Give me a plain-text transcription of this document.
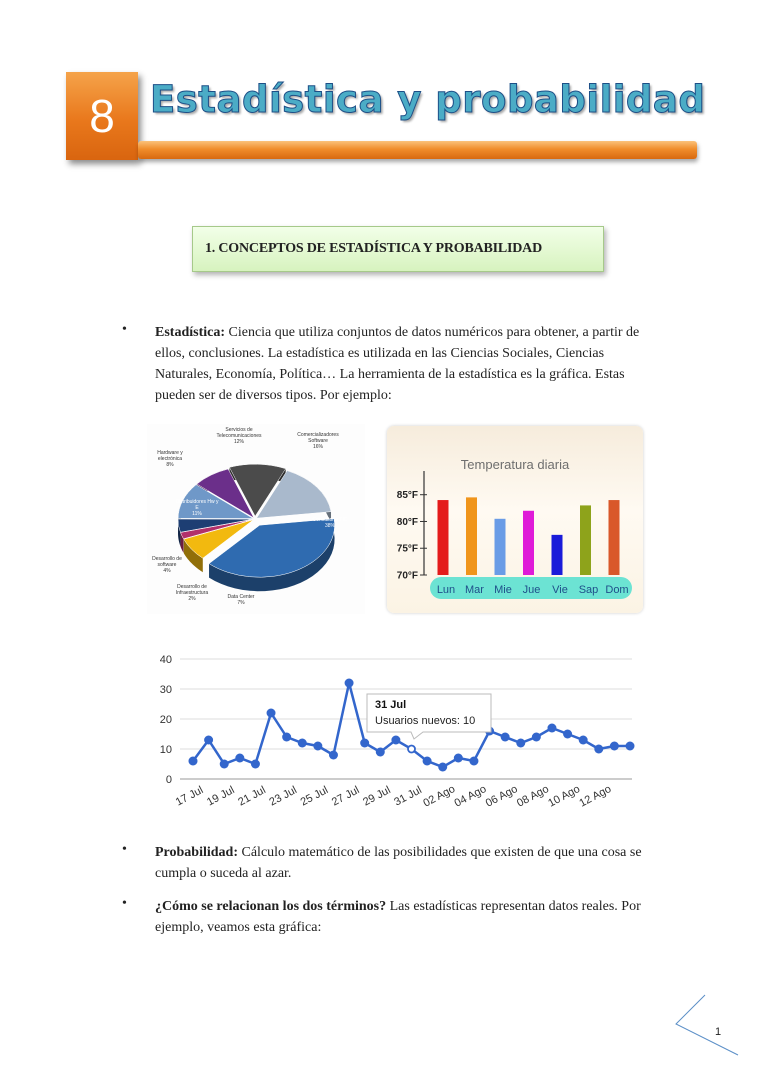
8 Estadística y probabilidad
1. CONCEPTOS DE ESTADÍSTICA Y PROBABILIDAD
• Estadística: Ciencia que utiliza conjuntos de datos numéricos para obtener, a partir de ellos, conclusiones. La estadística es utilizada en las Ciencias Sociales, Ciencias Naturales, Economía, Política… La herramienta de la estadística es la gráfica. Estas pueden ser de diversos tipos. Por ejemplo:
Servicios de Telecomunicaciones
12%
Comercializadores Software
16%
Consultoría TIC
38%
Data Center
7%
Desarrollo de Infraestructura
2%
Desarrollo de software
4%
Distribuidores Hw y E
11%
Hardware y electrónica
8%	Temperatura diaria
85°F
80°F
75°F
70°F
Lun Mar Mie Jue Vie Sap Dom
0
10
20
30
40
17 Jul 19 Jul 21 Jul 23 Jul 25 Jul 27 Jul 29 Jul 31 Jul
02 Ago
04 Ago
06 Ago
08 Ago
10 Ago
12 Ago
31 Jul
Usuarios nuevos: 10
• Probabilidad: Cálculo matemático de las posibilidades que existen de que una cosa se cumpla o suceda al azar.
• ¿Cómo se relacionan los dos términos? Las estadísticas representan datos reales. Por ejemplo, veamos esta gráfica:
1
